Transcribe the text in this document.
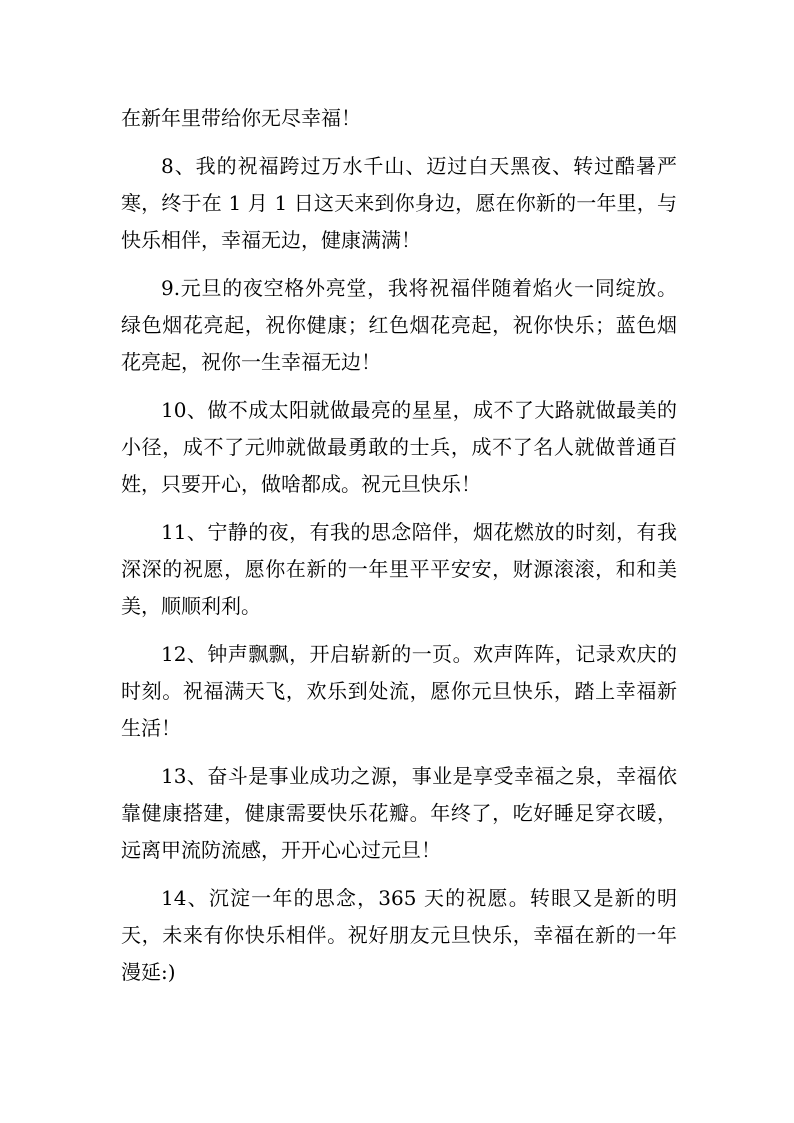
在新年里带给你无尽幸福！

8、我的祝福跨过万水千山、迈过白天黑夜、转过酷暑严寒，终于在 1 月 1 日这天来到你身边，愿在你新的一年里，与快乐相伴，幸福无边，健康满满！

9.元旦的夜空格外亮堂，我将祝福伴随着焰火一同绽放。绿色烟花亮起，祝你健康；红色烟花亮起，祝你快乐；蓝色烟花亮起，祝你一生幸福无边！

10、做不成太阳就做最亮的星星，成不了大路就做最美的小径，成不了元帅就做最勇敢的士兵，成不了名人就做普通百姓，只要开心，做啥都成。祝元旦快乐！

11、宁静的夜，有我的思念陪伴，烟花燃放的时刻，有我深深的祝愿，愿你在新的一年里平平安安，财源滚滚，和和美美，顺顺利利。

12、钟声飘飘，开启崭新的一页。欢声阵阵，记录欢庆的时刻。祝福满天飞，欢乐到处流，愿你元旦快乐，踏上幸福新生活！

13、奋斗是事业成功之源，事业是享受幸福之泉，幸福依靠健康搭建，健康需要快乐花瓣。年终了，吃好睡足穿衣暖，远离甲流防流感，开开心心过元旦！

14、沉淀一年的思念，365 天的祝愿。转眼又是新的明天，未来有你快乐相伴。祝好朋友元旦快乐，幸福在新的一年漫延:)
